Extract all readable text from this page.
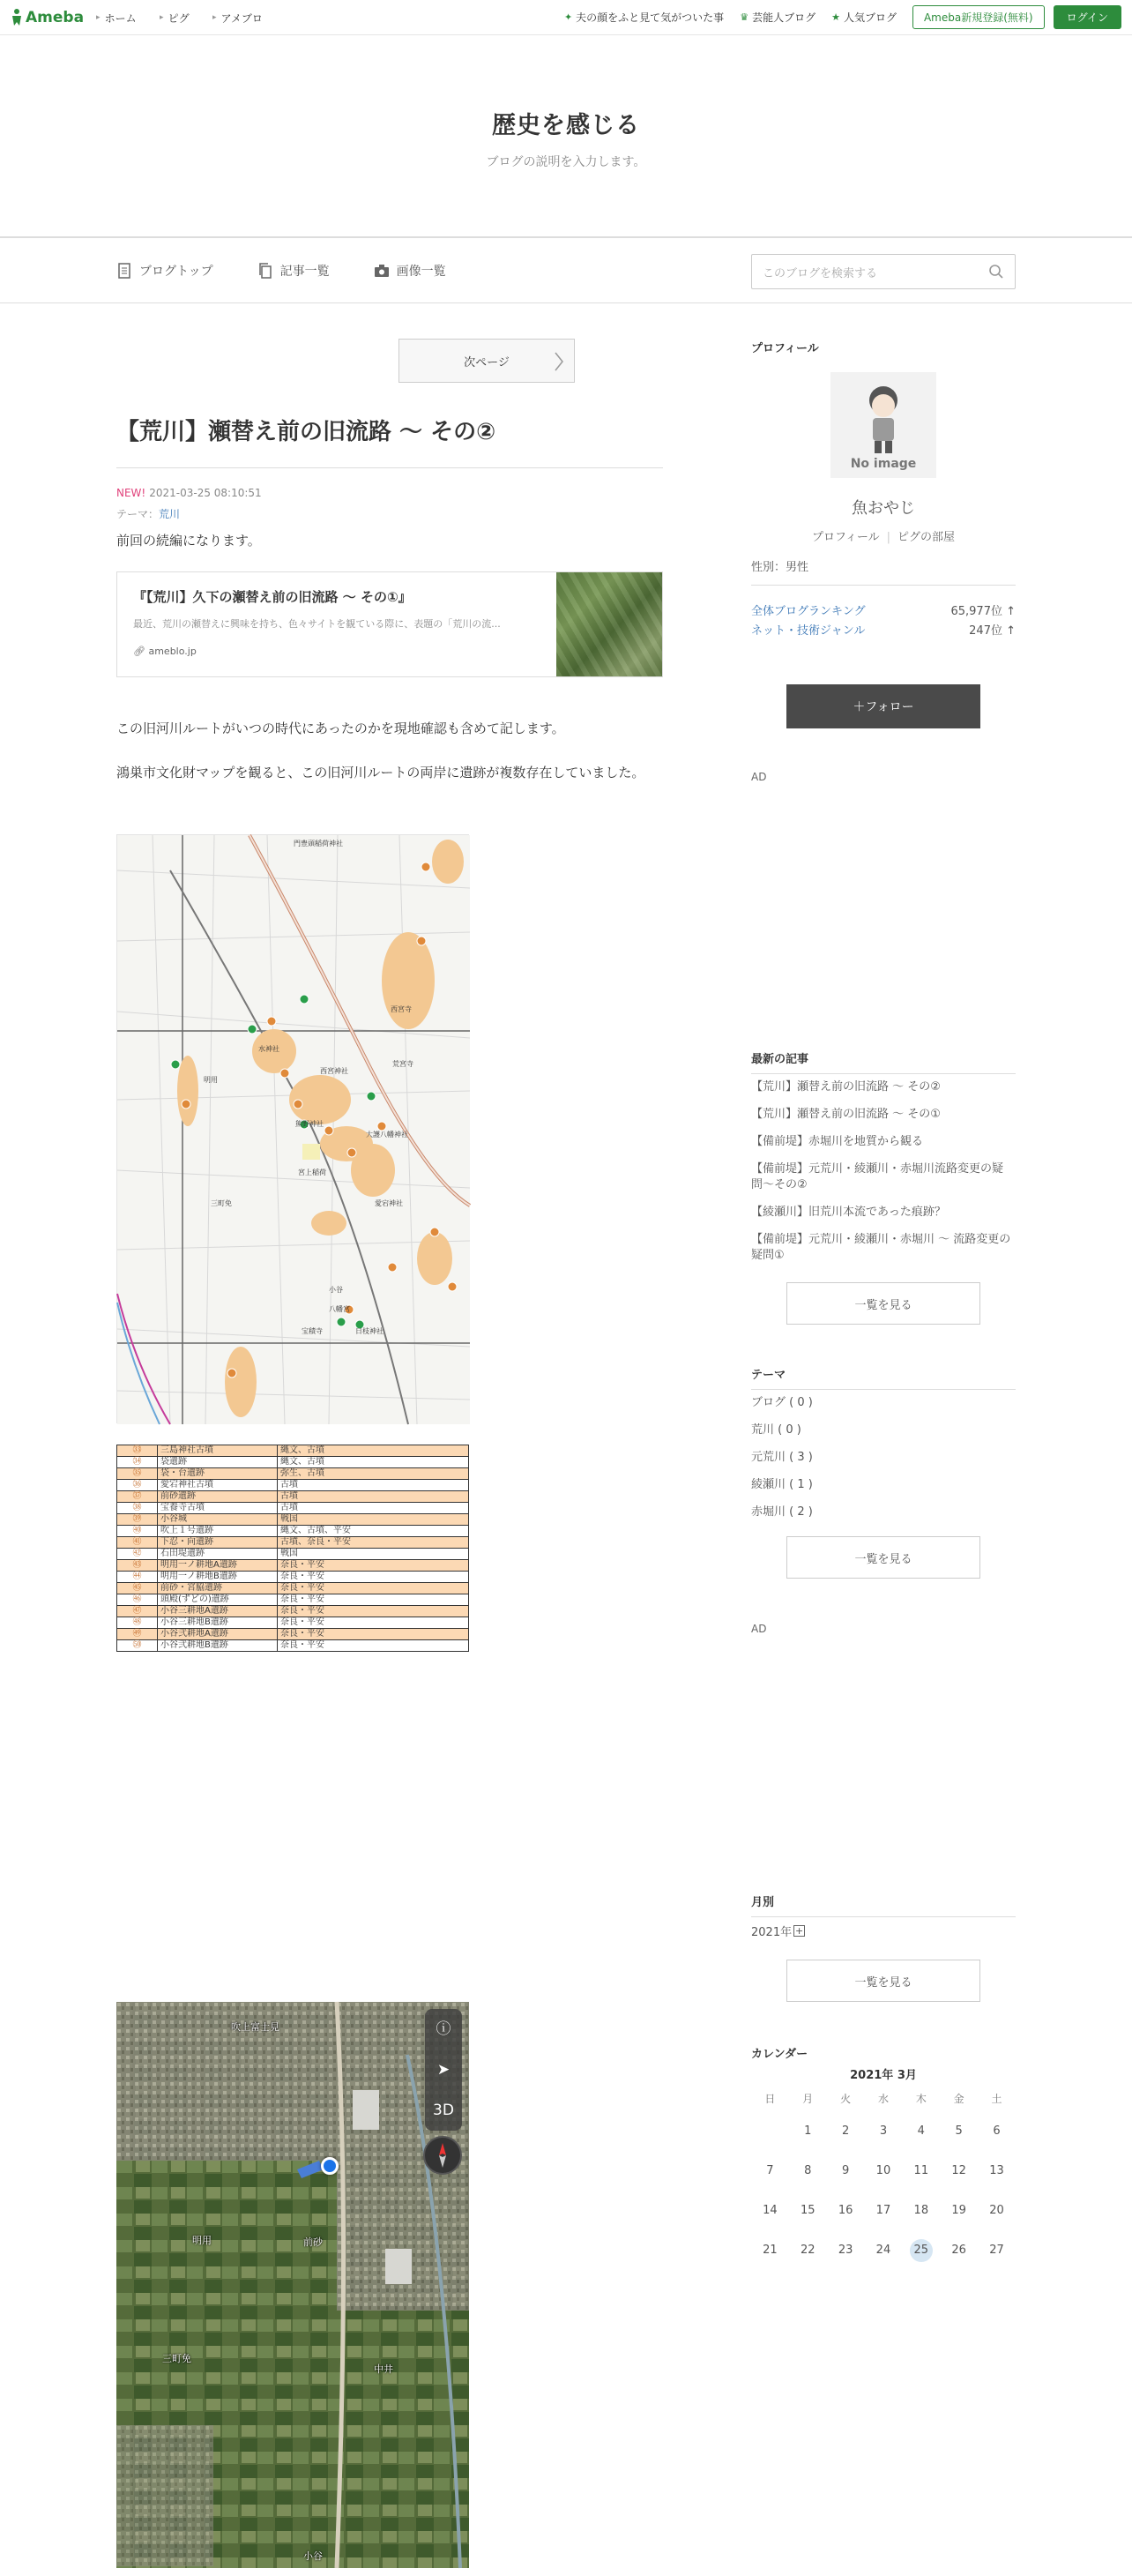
Ameba	▸ ホーム	▸ ピグ	▸ アメブロ	✦ 夫の顔をふと見て気がついた事 ♛ 芸能人ブログ ★ 人気ブログ	Ameba新規登録(無料)	ログイン
歴史を感じる
ブログの説明を入力します。
ブログトップ	記事一覧	画像一覧	このブログを検索する
次ページ
【荒川】瀬替え前の旧流路 〜 その②
NEW! 2021-03-25 08:10:51
テーマ：荒川
前回の続編になります。
『【荒川】久下の瀬替え前の旧流路 〜 その①』
最近、荒川の瀬替えに興味を持ち、色々サイトを観ている際に、表題の「荒川の流...
🔗︎ ameblo.jp
この旧河川ルートがいつの時代にあったのかを現地確認も含めて記します。
鴻巣市文化財マップを観ると、この旧河川ルートの両岸に遺跡が複数存在していました。
門豊頭稲荷神社
西宮寺
水神社
西宮神社
荒宮寺
熊野神社
大護八幡神社
宮上稲荷
愛宕神社
八幡宮
宝積寺	日枝神社
明用
三町免
小谷
㉝	三島神社古墳	縄文、古墳
㉞	袋遺跡	縄文、古墳
㉟	袋・台遺跡	弥生、古墳
㊱	愛宕神社古墳	古墳
㊲	前砂遺跡	古墳
㊳	宝養寺古墳	古墳
㊴	小谷城	戦国
㊵	吹上１号遺跡	縄文、古墳、平安
㊶	下忍・向遺跡	古墳、奈良・平安
㊷	石田堤遺跡	戦国
㊸	明用一ノ耕地A遺跡	奈良・平安
㊹	明用一ノ耕地B遺跡	奈良・平安
㊺	前砂・宮脇遺跡	奈良・平安
㊻	頭殿(ずどの)遺跡	奈良・平安
㊼	小谷三耕地A遺跡	奈良・平安
㊽	小谷三耕地B遺跡	奈良・平安
㊾	小谷弐耕地A遺跡	奈良・平安
㊿	小谷弐耕地B遺跡	奈良・平安
ⓘ
➤
3D
吹上富士見
明用	前砂
三町免
中井
小谷
プロフィール
No image
魚おやじ
プロフィール | ピグの部屋
性別：男性
全体ブログランキング	65,977位 ↑
ネット・技術ジャンル	247位 ↑
＋フォロー
AD
最新の記事
【荒川】瀬替え前の旧流路 〜 その②
【荒川】瀬替え前の旧流路 〜 その①
【備前堤】赤堀川を地質から観る
【備前堤】元荒川・綾瀬川・赤堀川流路変更の疑問〜その②
【綾瀬川】旧荒川本流であった痕跡？
【備前堤】元荒川・綾瀬川・赤堀川 〜 流路変更の疑問①
一覧を見る
テーマ
ブログ ( 0 )
荒川 ( 0 )
元荒川 ( 3 )
綾瀬川 ( 1 )
赤堀川 ( 2 )
一覧を見る
AD
月別
2021年 +
一覧を見る
カレンダー
2021年 3月
日	月	火	水	木	金	土
	1	2	3	4	5	6
7	8	9	10	11	12	13
14	15	16	17	18	19	20
21	22	23	24	25	26	27
